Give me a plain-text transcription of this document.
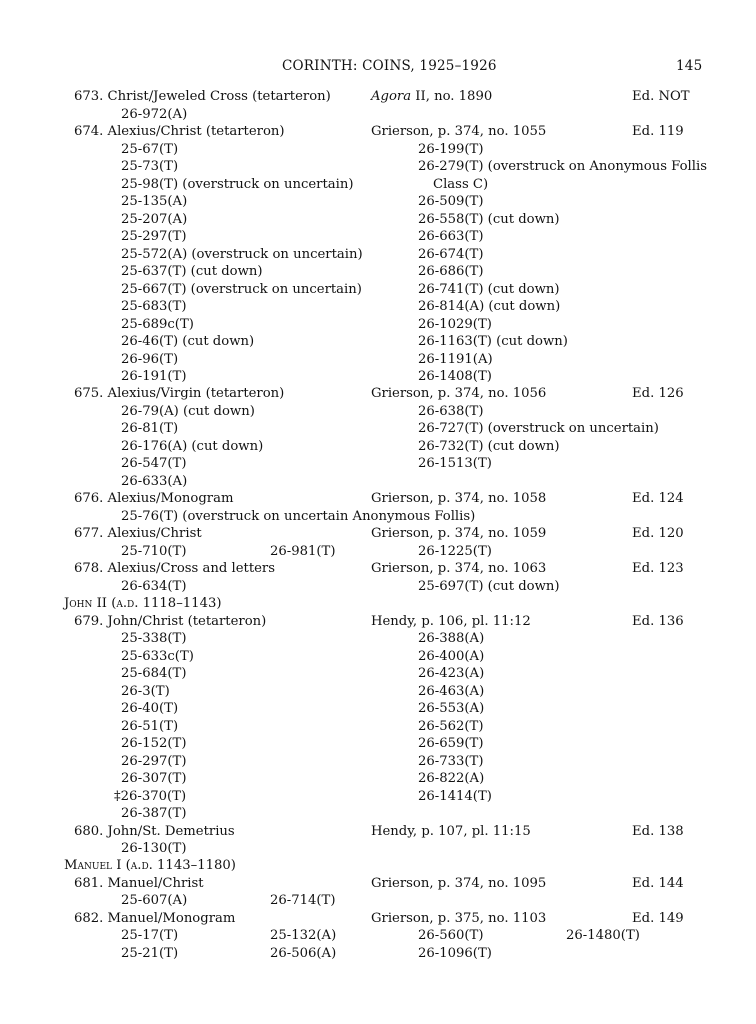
CORINTH: COINS, 1925–1926	145
673. Christ/Jeweled Cross (tetarteron)	Agora II, no. 1890	Ed. NOT
26-972(A)
674. Alexius/Christ (tetarteron)	Grierson, p. 374, no. 1055	Ed. 119
25-67(T)	26-199(T)
25-73(T)	26-279(T) (overstruck on Anonymous Follis
25-98(T) (overstruck on uncertain)	Class C)
25-135(A)	26-509(T)
25-207(A)	26-558(T) (cut down)
25-297(T)	26-663(T)
25-572(A) (overstruck on uncertain)	26-674(T)
25-637(T) (cut down)	26-686(T)
25-667(T) (overstruck on uncertain)	26-741(T) (cut down)
25-683(T)	26-814(A) (cut down)
25-689c(T)	26-1029(T)
26-46(T) (cut down)	26-1163(T) (cut down)
26-96(T)	26-1191(A)
26-191(T)	26-1408(T)
675. Alexius/Virgin (tetarteron)	Grierson, p. 374, no. 1056	Ed. 126
26-79(A) (cut down)	26-638(T)
26-81(T)	26-727(T) (overstruck on uncertain)
26-176(A) (cut down)	26-732(T) (cut down)
26-547(T)	26-1513(T)
26-633(A)
676. Alexius/Monogram	Grierson, p. 374, no. 1058	Ed. 124
25-76(T) (overstruck on uncertain Anonymous Follis)
677. Alexius/Christ	Grierson, p. 374, no. 1059	Ed. 120
25-710(T)	26-981(T)	26-1225(T)
678. Alexius/Cross and letters	Grierson, p. 374, no. 1063	Ed. 123
26-634(T)	25-697(T) (cut down)
John II (a.d. 1118–1143)
679. John/Christ (tetarteron)	Hendy, p. 106, pl. 11:12	Ed. 136
25-338(T)	26-388(A)
25-633c(T)	26-400(A)
25-684(T)	26-423(A)
26-3(T)	26-463(A)
26-40(T)	26-553(A)
26-51(T)	26-562(T)
26-152(T)	26-659(T)
26-297(T)	26-733(T)
26-307(T)	26-822(A)
‡26-370(T)	26-1414(T)
26-387(T)
680. John/St. Demetrius	Hendy, p. 107, pl. 11:15	Ed. 138
26-130(T)
Manuel I (a.d. 1143–1180)
681. Manuel/Christ	Grierson, p. 374, no. 1095	Ed. 144
25-607(A)	26-714(T)
682. Manuel/Monogram	Grierson, p. 375, no. 1103	Ed. 149
25-17(T)	25-132(A)	26-560(T)	26-1480(T)
25-21(T)	26-506(A)	26-1096(T)
